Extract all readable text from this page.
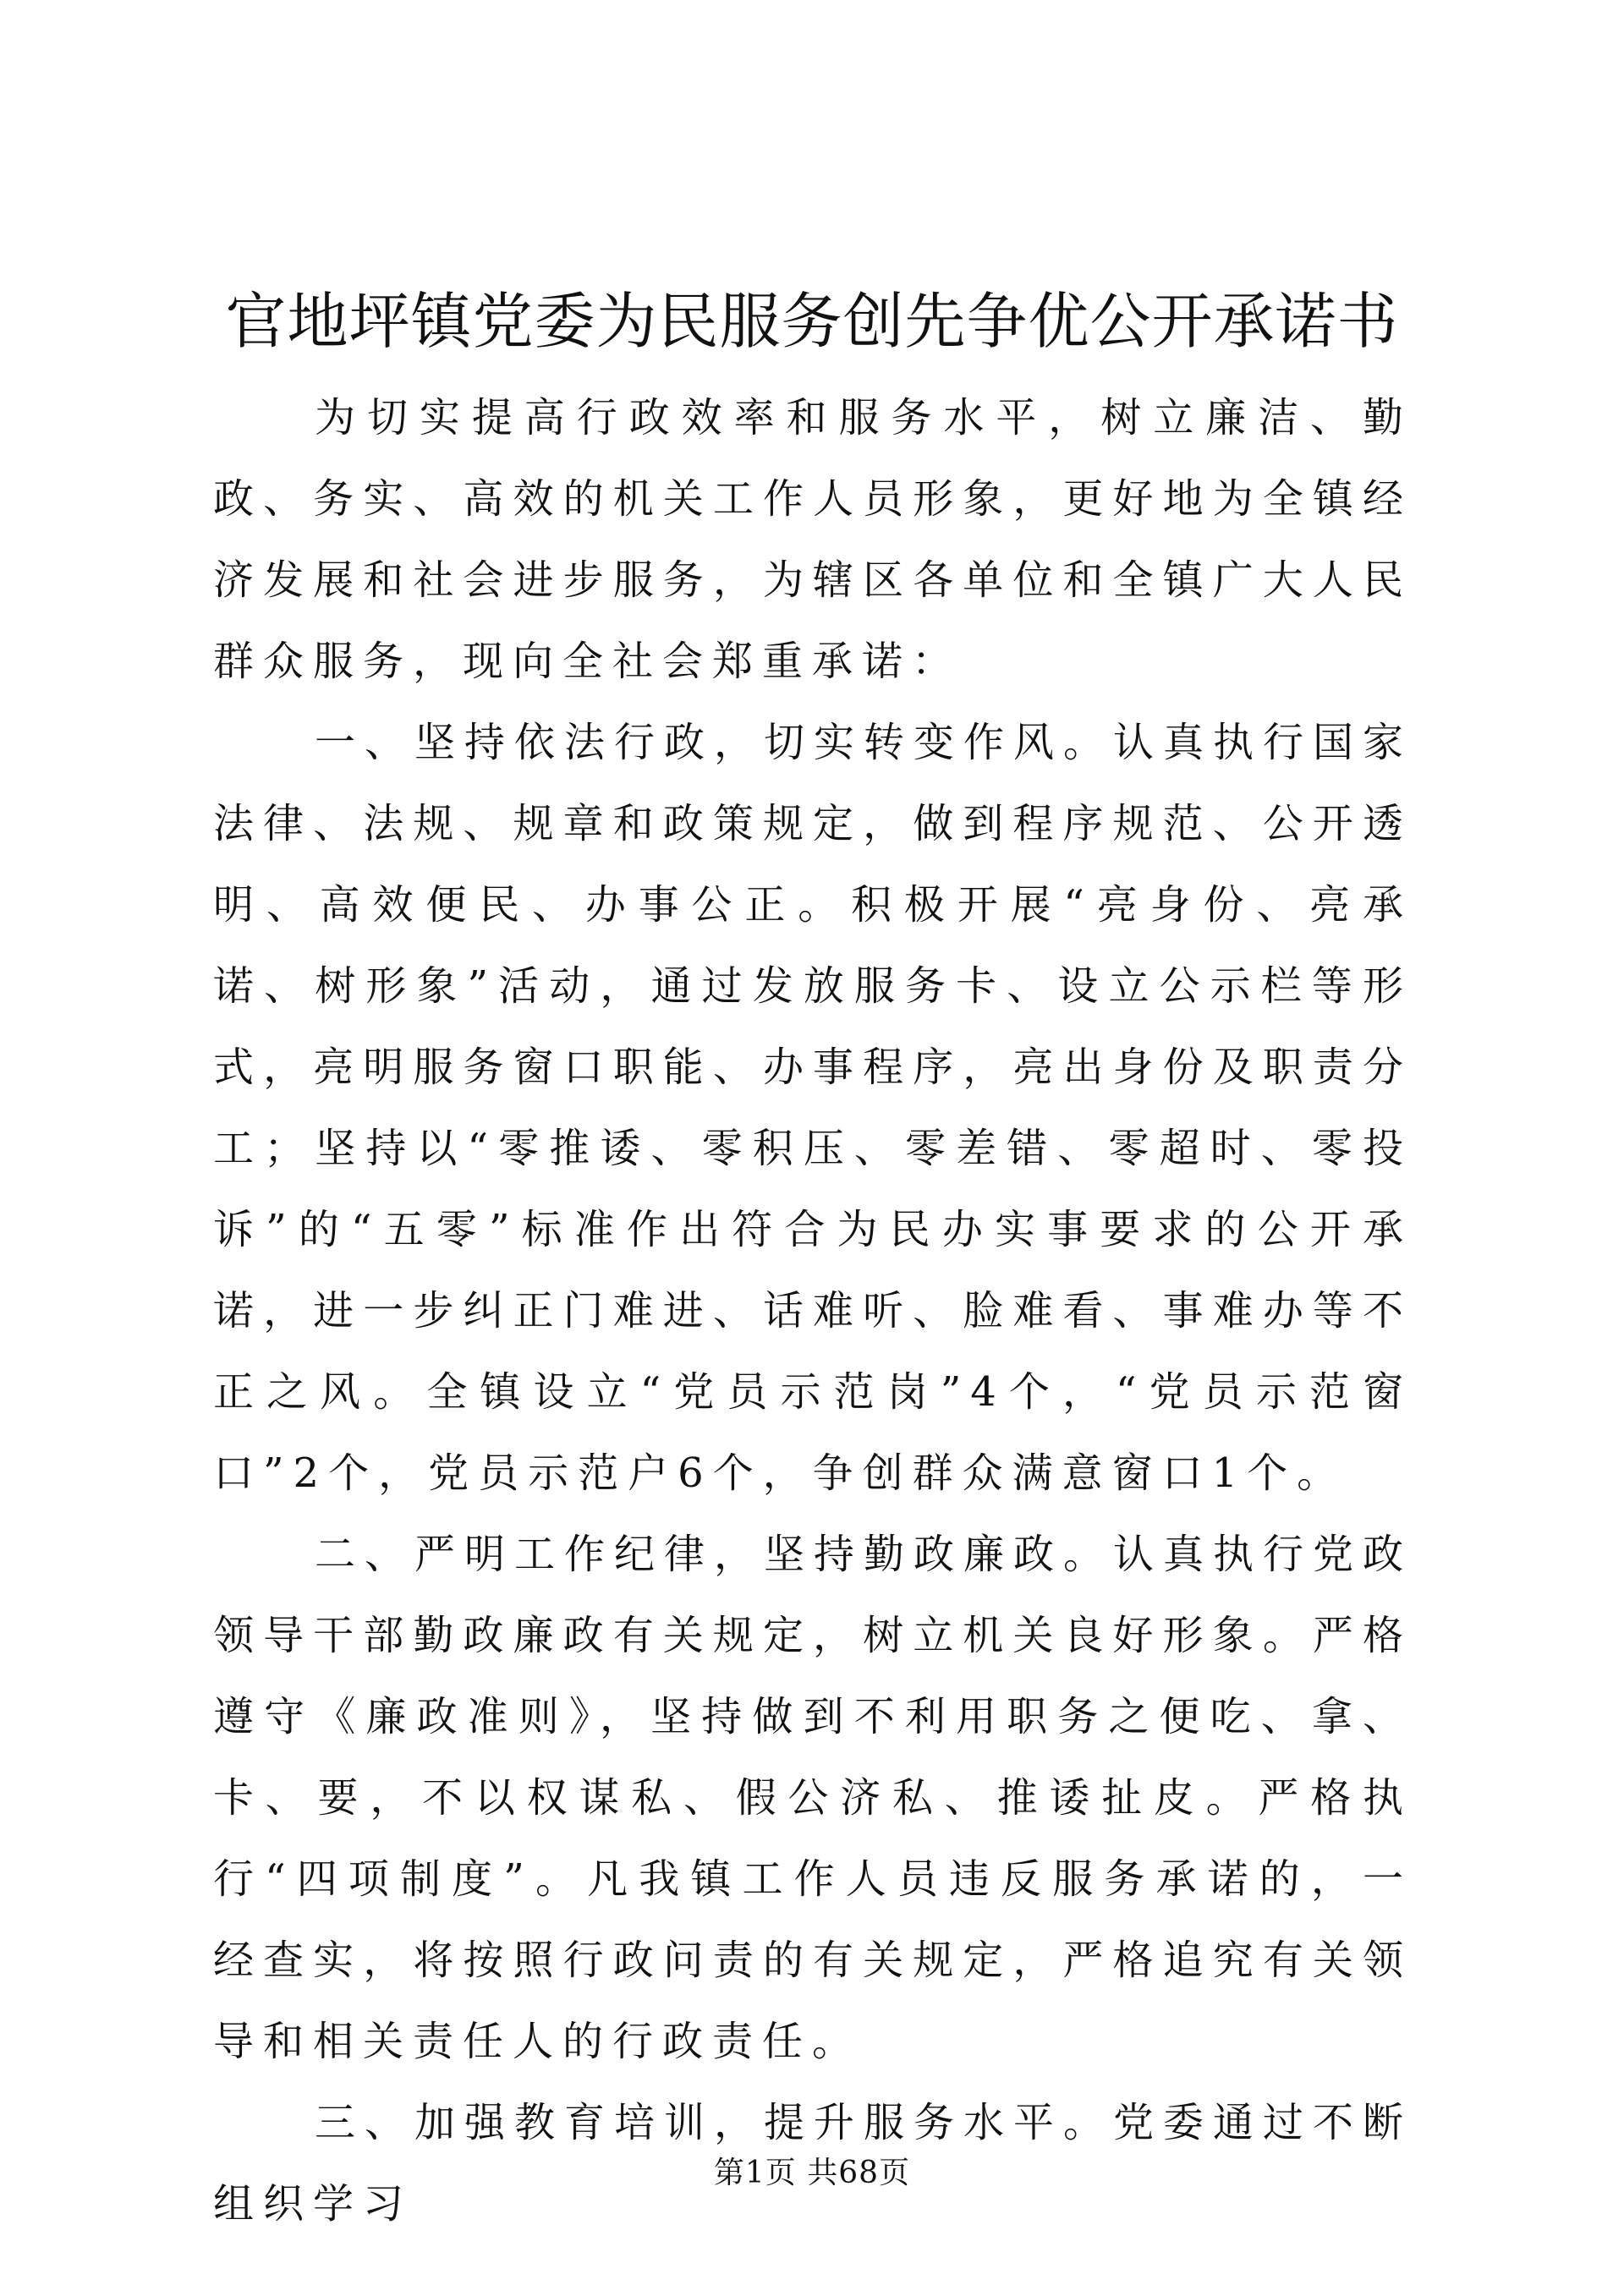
官地坪镇党委为民服务创先争优公开承诺书

为切实提高行政效率和服务水平，树立廉洁、勤政、务实、高效的机关工作人员形象，更好地为全镇经济发展和社会进步服务，为辖区各单位和全镇广大人民群众服务，现向全社会郑重承诺：

一、坚持依法行政，切实转变作风。认真执行国家法律、法规、规章和政策规定，做到程序规范、公开透明、高效便民、办事公正。积极开展“亮身份、亮承诺、树形象”活动，通过发放服务卡、设立公示栏等形式，亮明服务窗口职能、办事程序，亮出身份及职责分工；坚持以“零推诿、零积压、零差错、零超时、零投诉”的“五零”标准作出符合为民办实事要求的公开承诺，进一步纠正门难进、话难听、脸难看、事难办等不正之风。全镇设立“党员示范岗”4个，“党员示范窗口”2个，党员示范户6个，争创群众满意窗口1个。

二、严明工作纪律，坚持勤政廉政。认真执行党政领导干部勤政廉政有关规定，树立机关良好形象。严格遵守《廉政准则》，坚持做到不利用职务之便吃、拿、卡、要，不以权谋私、假公济私、推诿扯皮。严格执行“四项制度”。凡我镇工作人员违反服务承诺的，一经查实，将按照行政问责的有关规定，严格追究有关领导和相关责任人的行政责任。

三、加强教育培训，提升服务水平。党委通过不断组织学习

第1页 共68页
